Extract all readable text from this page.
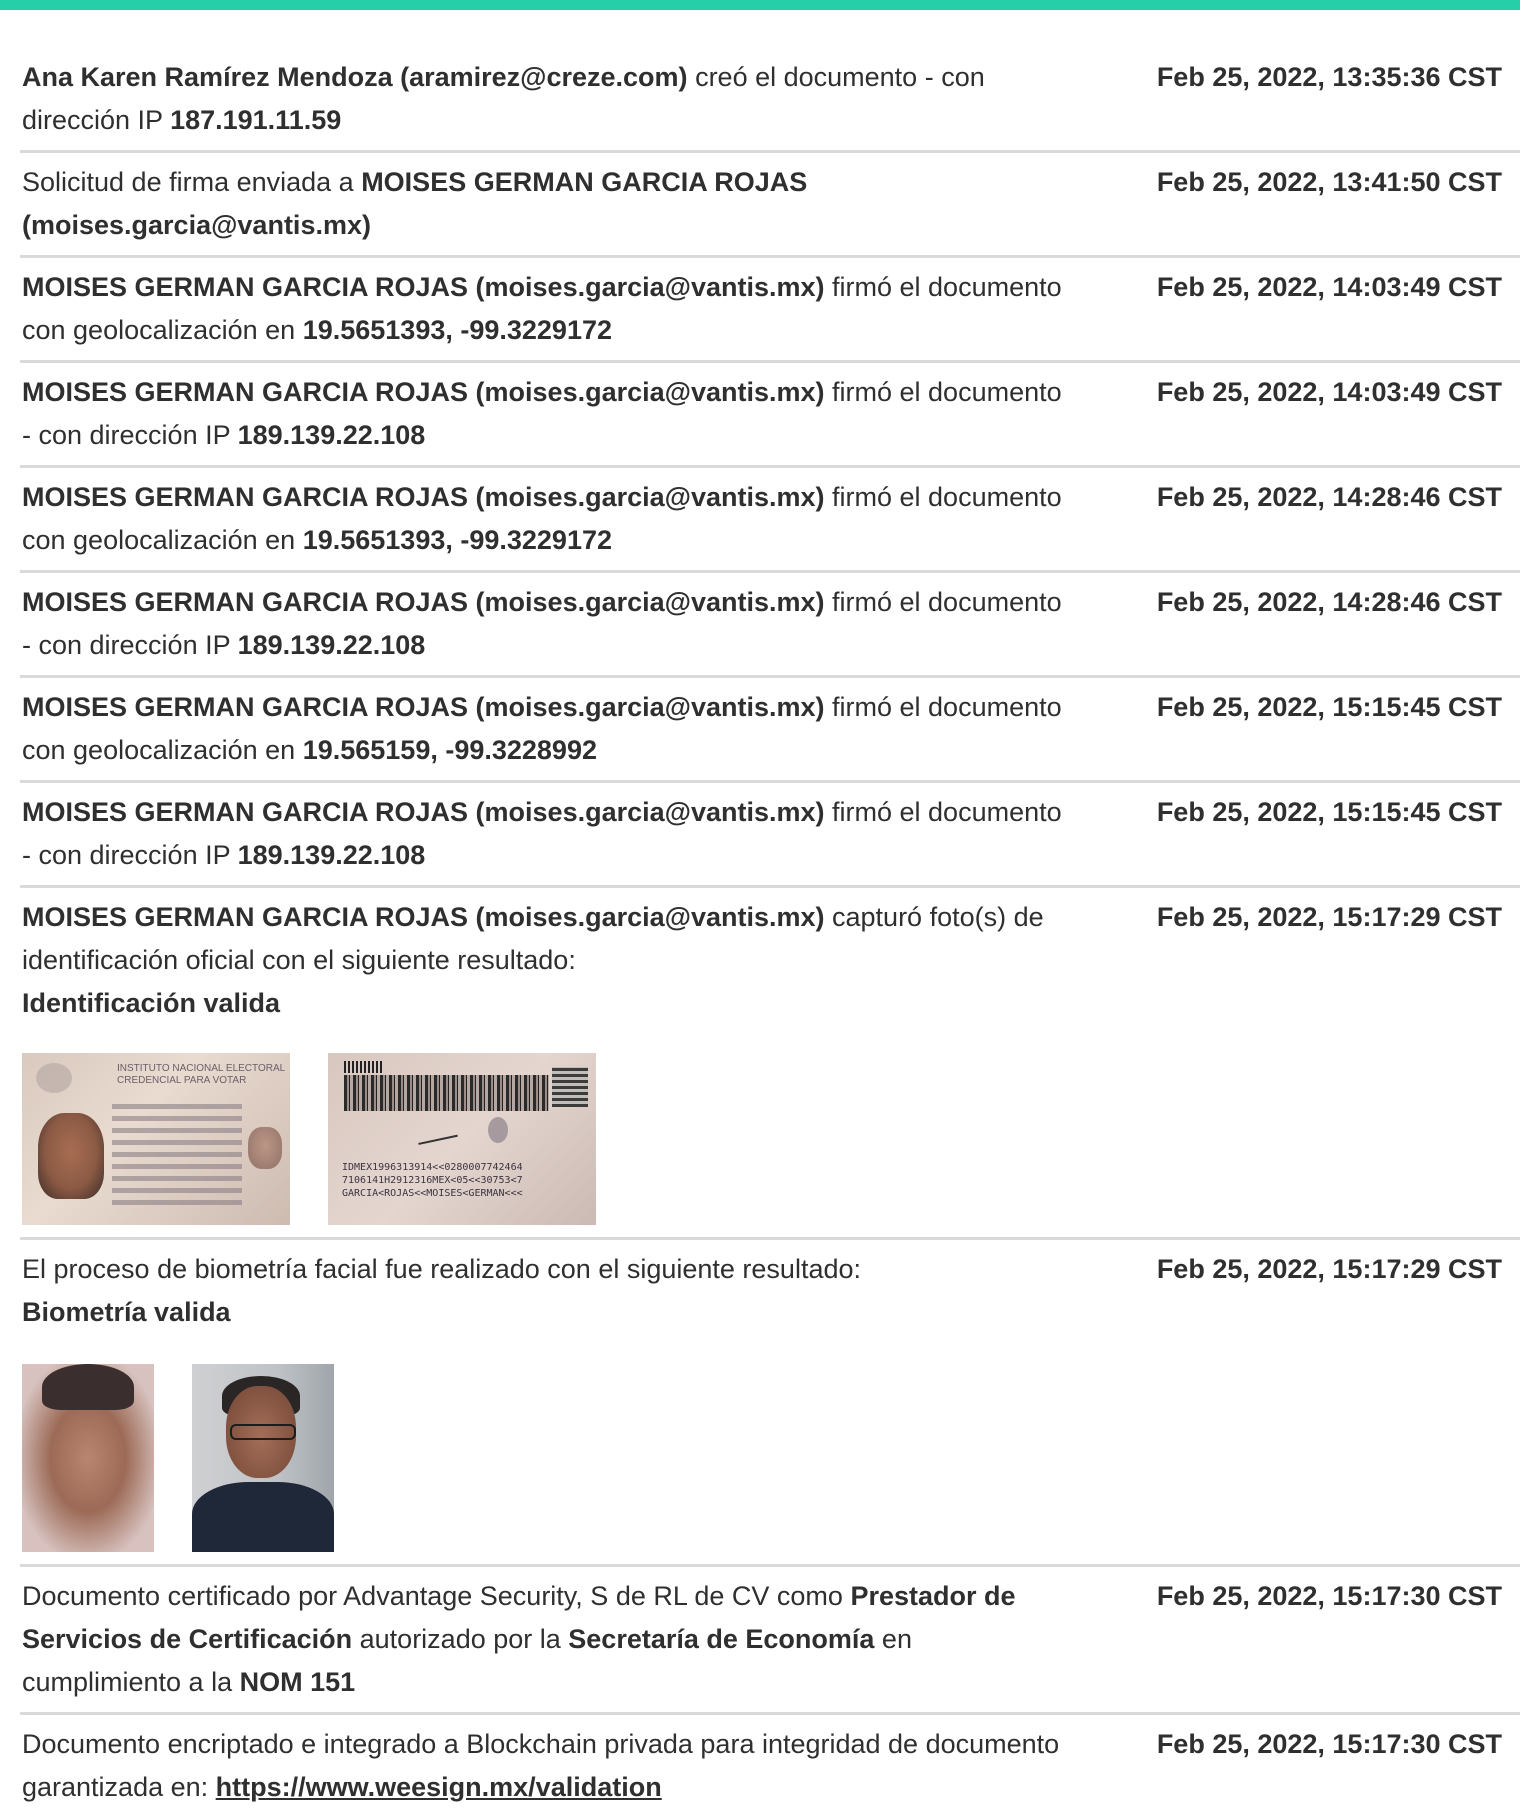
Ana Karen Ramírez Mendoza (aramirez@creze.com) creó el documento - con dirección IP 187.191.11.59
Feb 25, 2022, 13:35:36 CST
Solicitud de firma enviada a MOISES GERMAN GARCIA ROJAS (moises.garcia@vantis.mx)
Feb 25, 2022, 13:41:50 CST
MOISES GERMAN GARCIA ROJAS (moises.garcia@vantis.mx) firmó el documento con geolocalización en 19.5651393, -99.3229172
Feb 25, 2022, 14:03:49 CST
MOISES GERMAN GARCIA ROJAS (moises.garcia@vantis.mx) firmó el documento - con dirección IP 189.139.22.108
Feb 25, 2022, 14:03:49 CST
MOISES GERMAN GARCIA ROJAS (moises.garcia@vantis.mx) firmó el documento con geolocalización en 19.5651393, -99.3229172
Feb 25, 2022, 14:28:46 CST
MOISES GERMAN GARCIA ROJAS (moises.garcia@vantis.mx) firmó el documento - con dirección IP 189.139.22.108
Feb 25, 2022, 14:28:46 CST
MOISES GERMAN GARCIA ROJAS (moises.garcia@vantis.mx) firmó el documento con geolocalización en 19.565159, -99.3228992
Feb 25, 2022, 15:15:45 CST
MOISES GERMAN GARCIA ROJAS (moises.garcia@vantis.mx) firmó el documento - con dirección IP 189.139.22.108
Feb 25, 2022, 15:15:45 CST
MOISES GERMAN GARCIA ROJAS (moises.garcia@vantis.mx) capturó foto(s) de identificación oficial con el siguiente resultado:
Identificación valida
INSTITUTO NACIONAL ELECTORAL
CREDENCIAL PARA VOTAR
IDMEX1996313914<<0280007742464
7106141H2912316MEX<05<<30753<7
GARCIA<ROJAS<<MOISES<GERMAN<<<
Feb 25, 2022, 15:17:29 CST
El proceso de biometría facial fue realizado con el siguiente resultado:
Biometría valida
Feb 25, 2022, 15:17:29 CST
Documento certificado por Advantage Security, S de RL de CV como Prestador de Servicios de Certificación autorizado por la Secretaría de Economía en cumplimiento a la NOM 151
Feb 25, 2022, 15:17:30 CST
Documento encriptado e integrado a Blockchain privada para integridad de documento garantizada en: https://www.weesign.mx/validation
Feb 25, 2022, 15:17:30 CST
